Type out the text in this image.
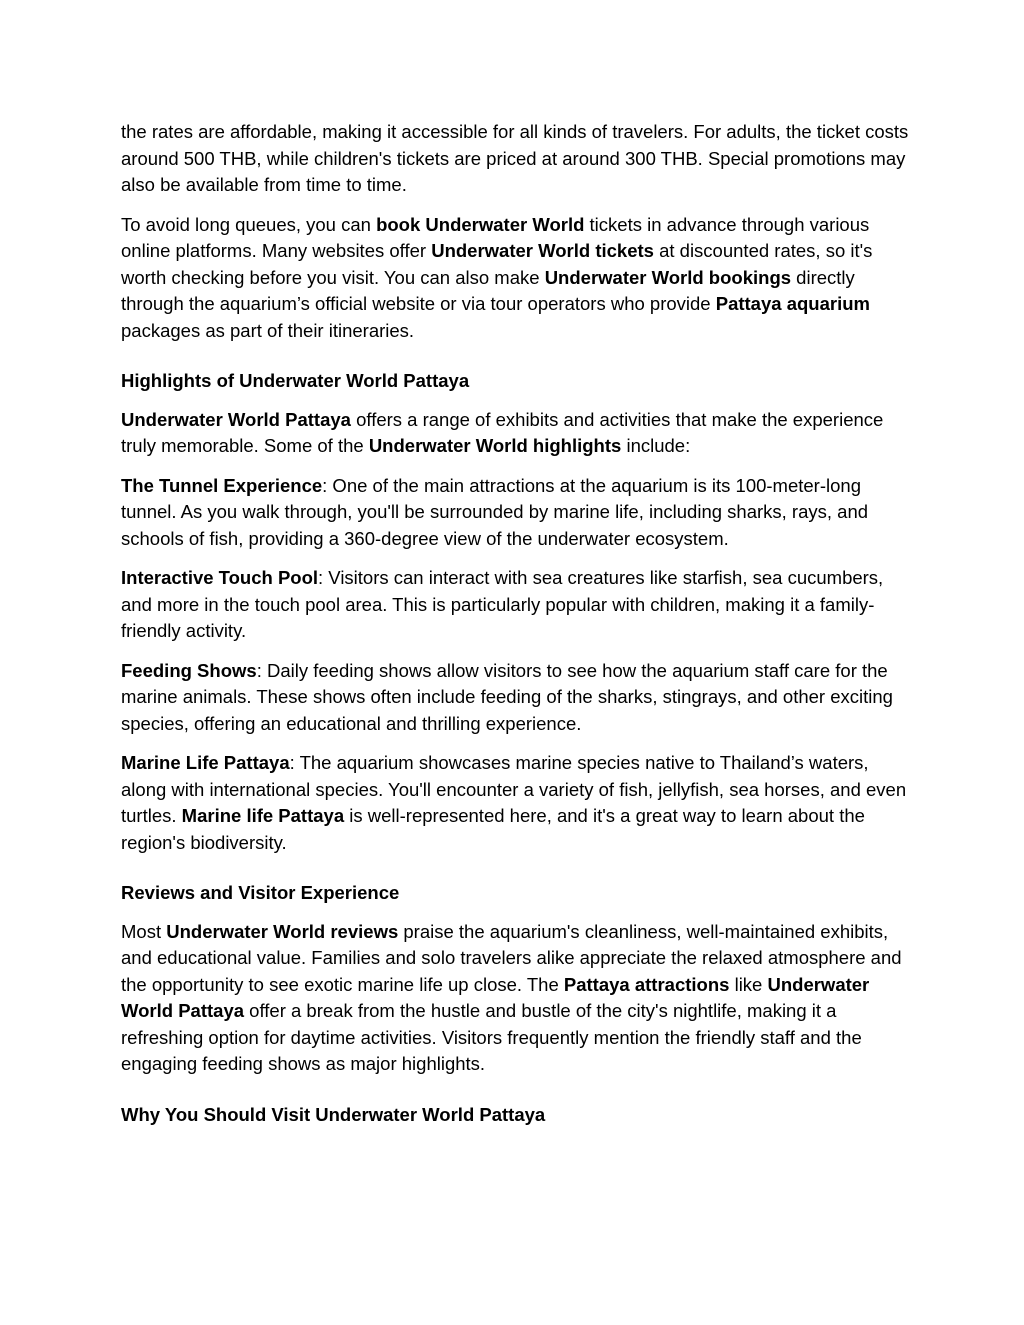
the rates are affordable, making it accessible for all kinds of travelers. For adults, the ticket costs around 500 THB, while children's tickets are priced at around 300 THB. Special promotions may also be available from time to time.

To avoid long queues, you can book Underwater World tickets in advance through various online platforms. Many websites offer Underwater World tickets at discounted rates, so it's worth checking before you visit. You can also make Underwater World bookings directly through the aquarium’s official website or via tour operators who provide Pattaya aquarium packages as part of their itineraries.

Highlights of Underwater World Pattaya

Underwater World Pattaya offers a range of exhibits and activities that make the experience truly memorable. Some of the Underwater World highlights include:

The Tunnel Experience: One of the main attractions at the aquarium is its 100-meter-long tunnel. As you walk through, you'll be surrounded by marine life, including sharks, rays, and schools of fish, providing a 360-degree view of the underwater ecosystem.

Interactive Touch Pool: Visitors can interact with sea creatures like starfish, sea cucumbers, and more in the touch pool area. This is particularly popular with children, making it a family-friendly activity.

Feeding Shows: Daily feeding shows allow visitors to see how the aquarium staff care for the marine animals. These shows often include feeding of the sharks, stingrays, and other exciting species, offering an educational and thrilling experience.

Marine Life Pattaya: The aquarium showcases marine species native to Thailand’s waters, along with international species. You'll encounter a variety of fish, jellyfish, sea horses, and even turtles. Marine life Pattaya is well-represented here, and it's a great way to learn about the region's biodiversity.

Reviews and Visitor Experience

Most Underwater World reviews praise the aquarium's cleanliness, well-maintained exhibits, and educational value. Families and solo travelers alike appreciate the relaxed atmosphere and the opportunity to see exotic marine life up close. The Pattaya attractions like Underwater World Pattaya offer a break from the hustle and bustle of the city's nightlife, making it a refreshing option for daytime activities. Visitors frequently mention the friendly staff and the engaging feeding shows as major highlights.

Why You Should Visit Underwater World Pattaya
